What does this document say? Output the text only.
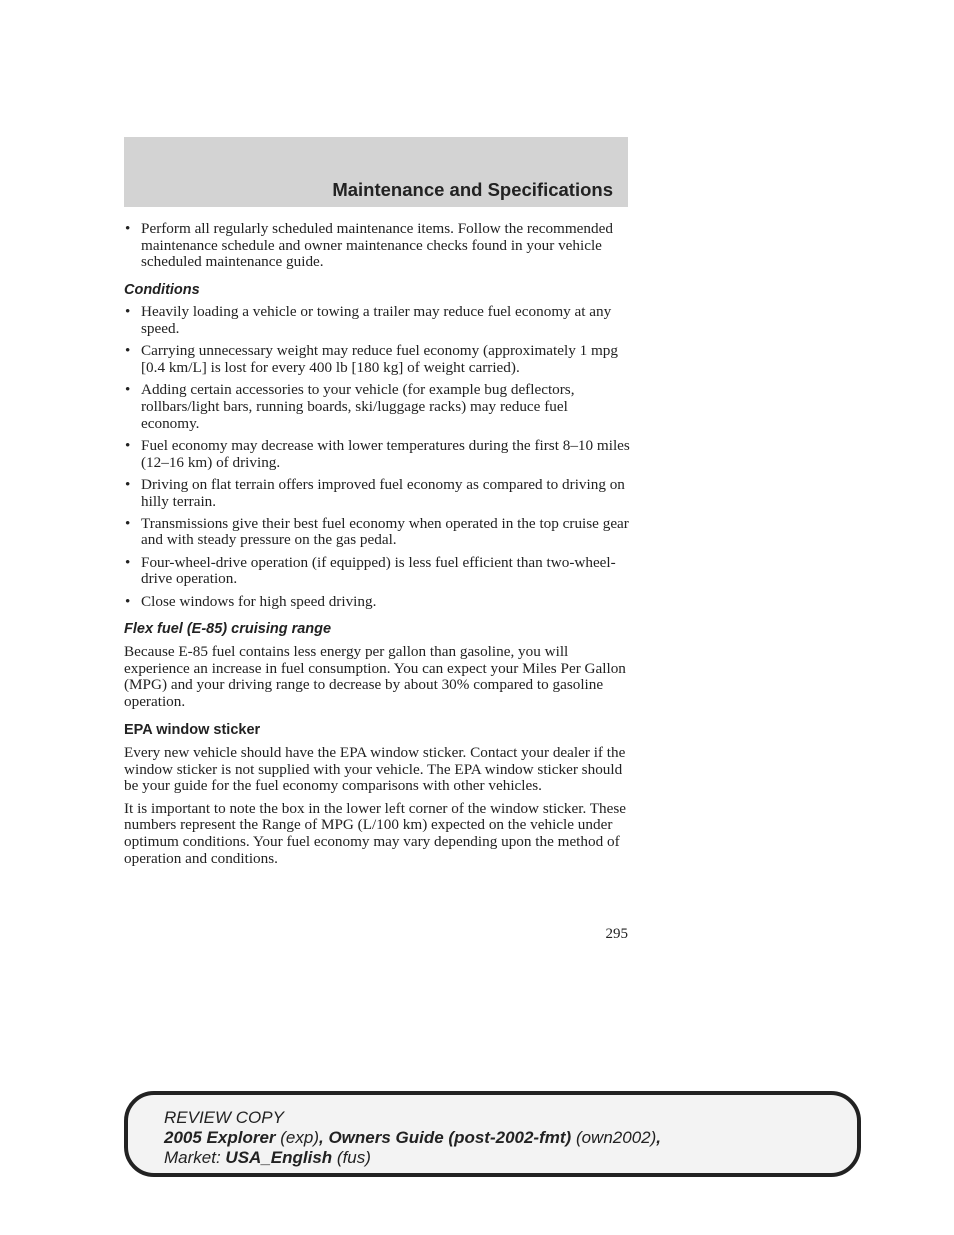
Maintenance and Specifications
• Perform all regularly scheduled maintenance items. Follow the recommended maintenance schedule and owner maintenance checks found in your vehicle scheduled maintenance guide.
Conditions
• Heavily loading a vehicle or towing a trailer may reduce fuel economy at any speed.
• Carrying unnecessary weight may reduce fuel economy (approximately 1 mpg [0.4 km/L] is lost for every 400 lb [180 kg] of weight carried).
• Adding certain accessories to your vehicle (for example bug deflectors, rollbars/light bars, running boards, ski/luggage racks) may reduce fuel economy.
• Fuel economy may decrease with lower temperatures during the first 8–10 miles (12–16 km) of driving.
• Driving on flat terrain offers improved fuel economy as compared to driving on hilly terrain.
• Transmissions give their best fuel economy when operated in the top cruise gear and with steady pressure on the gas pedal.
• Four-wheel-drive operation (if equipped) is less fuel efficient than two-wheel-drive operation.
• Close windows for high speed driving.
Flex fuel (E-85) cruising range

Because E-85 fuel contains less energy per gallon than gasoline, you will experience an increase in fuel consumption. You can expect your Miles Per Gallon (MPG) and your driving range to decrease by about 30% compared to gasoline operation.

EPA window sticker

Every new vehicle should have the EPA window sticker. Contact your dealer if the window sticker is not supplied with your vehicle. The EPA window sticker should be your guide for the fuel economy comparisons with other vehicles.

It is important to note the box in the lower left corner of the window sticker. These numbers represent the Range of MPG (L/100 km) expected on the vehicle under optimum conditions. Your fuel economy may vary depending upon the method of operation and conditions.

295
REVIEW COPY
2005 Explorer (exp), Owners Guide (post-2002-fmt) (own2002),
Market: USA_English (fus)
